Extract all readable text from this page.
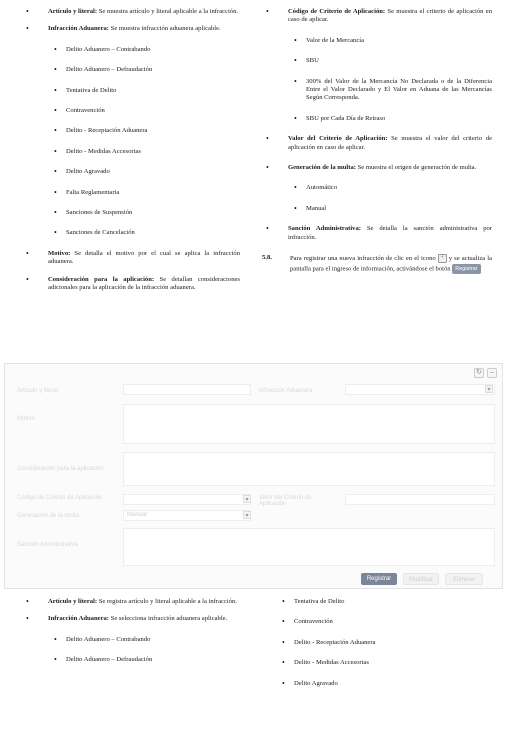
•	Artículo y literal: Se muestra artículo y literal aplicable a la infracción.
•	Infracción Aduanera: Se muestra infracción aduanera aplicable.
• Delito Aduanero – Contrabando
• Delito Aduanero – Defraudación
• Tentativa de Delito
• Contravención
• Delito - Receptación Aduanera
• Delito - Medidas Accesorias
• Delito Agravado
• Falta Reglamentaria
• Sanciones de Suspensión
• Sanciones de Cancelación
•	Motivo: Se detalla el motivo por el cual se aplica la infracción aduanera.
•	Consideración para la aplicación: Se detallan consideraciones adicionales para la aplicación de la infracción aduanera.
•	Código de Criterio de Aplicación: Se muestra el criterio de aplicación en caso de aplicar.
• Valor de la Mercancía
• SBU
• 300% del Valor de la Mercancía No Declarada o de la Diferencia Entre el Valor Declarado y El Valor en Aduana de las Mercancías Según Corresponda.
• SBU por Cada Día de Retraso
•	Valor del Criterio de Aplicación: Se muestra el valor del criterio de aplicación en caso de aplicar.
•	Generación de la multa: Se muestra el origen de generación de multa.
• Automático
• Manual
•	Sanción Administrativa: Se detalla la sanción administrativa por infracción.
5.8.	Para registrar una nueva infracción de clic en el icono + y se actualiza la pantalla para el ingreso de información, activándose el botón Registrar
↻	–
Artículo y literal	Infracción Aduanera	▾
Motivo
Consideración para la aplicación
Código de Criterio de Aplicación	▾	Valor del Criterio de Aplicación
Generación de la multa	Manual	▾
Sanción Administrativa
Registrar	Modificar	Eliminar
•	Artículo y literal: Se registra artículo y literal aplicable a la infracción.
•	Infracción Aduanera: Se selecciona infracción aduanera aplicable.
• Delito Aduanero – Contrabando
• Delito Aduanero – Defraudación
• Tentativa de Delito
• Contravención
• Delito - Receptación Aduanera
• Delito - Medidas Accesorias
• Delito Agravado
